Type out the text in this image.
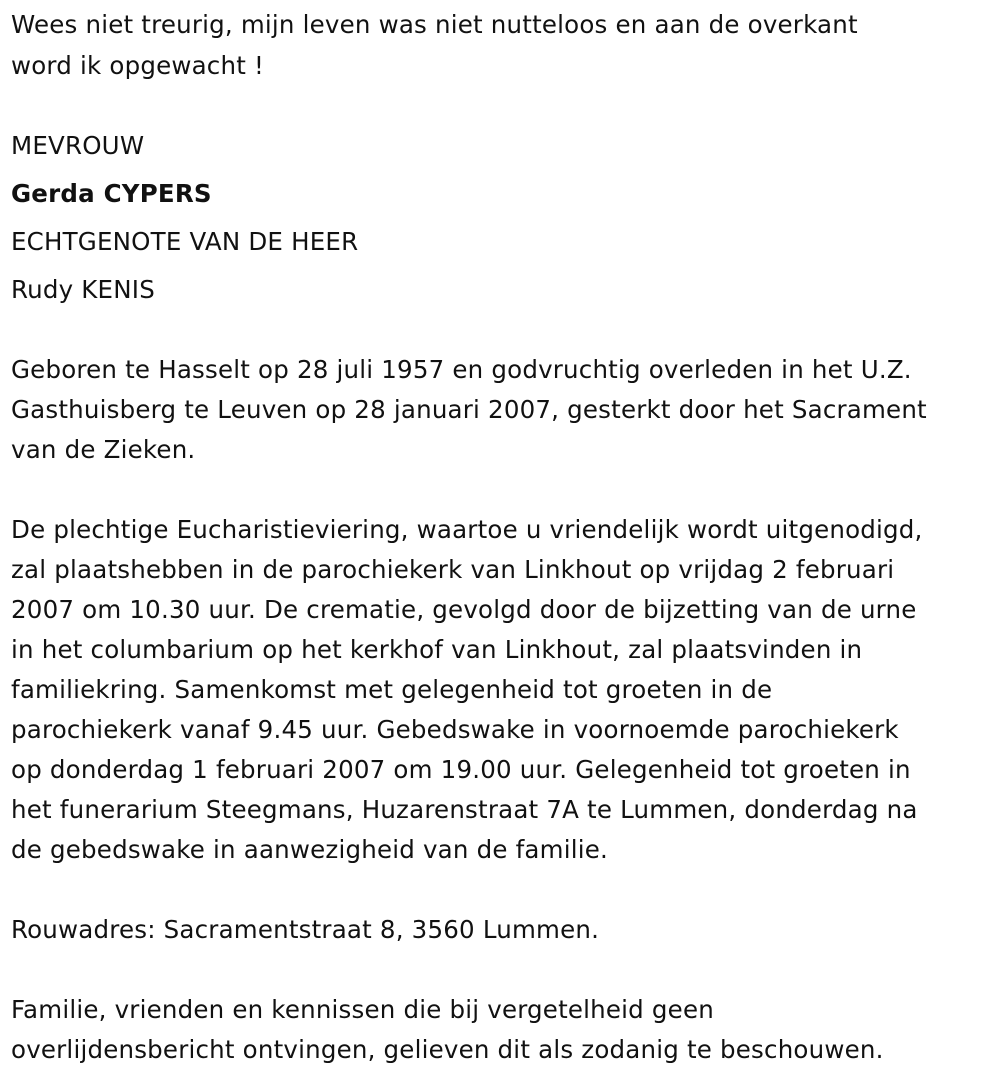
Wees niet treurig, mijn leven was niet nutteloos en aan de overkant
word ik opgewacht !
MEVROUW
Gerda CYPERS
ECHTGENOTE VAN DE HEER
Rudy KENIS
Geboren te Hasselt op 28 juli 1957 en godvruchtig overleden in het U.Z.
Gasthuisberg te Leuven op 28 januari 2007, gesterkt door het Sacrament
van de Zieken.
De plechtige Eucharistieviering, waartoe u vriendelijk wordt uitgenodigd,
zal plaatshebben in de parochiekerk van Linkhout op vrijdag 2 februari
2007 om 10.30 uur. De crematie, gevolgd door de bijzetting van de urne
in het columbarium op het kerkhof van Linkhout, zal plaatsvinden in
familiekring. Samenkomst met gelegenheid tot groeten in de
parochiekerk vanaf 9.45 uur. Gebedswake in voornoemde parochiekerk
op donderdag 1 februari 2007 om 19.00 uur. Gelegenheid tot groeten in
het funerarium Steegmans, Huzarenstraat 7A te Lummen, donderdag na
de gebedswake in aanwezigheid van de familie.
Rouwadres: Sacramentstraat 8, 3560 Lummen.
Familie, vrienden en kennissen die bij vergetelheid geen
overlijdensbericht ontvingen, gelieven dit als zodanig te beschouwen.
